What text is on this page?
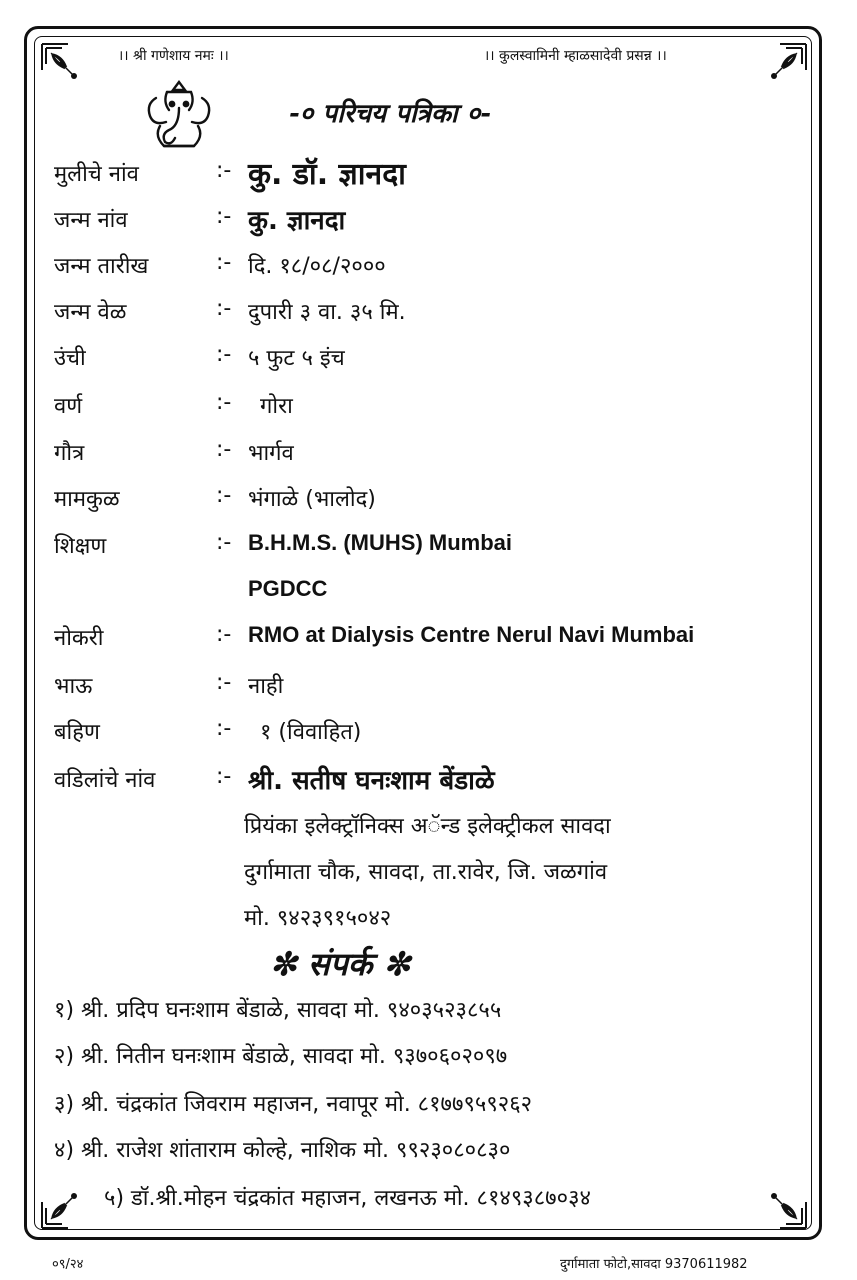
।। श्री गणेशाय नमः ।।	।। कुलस्वामिनी म्हाळसादेवी प्रसन्न ।।
-० परिचय पत्रिका ०-
मुलीचे नांव	:- कु. डॉ. ज्ञानदा
जन्म नांव	:- कु. ज्ञानदा
जन्म तारीख	:- दि. १८/०८/२०००
जन्म वेळ	:- दुपारी ३ वा. ३५ मि.
उंची	:- ५ फुट ५ इंच
वर्ण	:- गोरा
गौत्र	:- भार्गव
मामकुळ	:- भंगाळे (भालोद)
शिक्षण	:- B.H.M.S. (MUHS) Mumbai
PGDCC
नोकरी	:- RMO at Dialysis Centre Nerul Navi Mumbai
भाऊ	:- नाही
बहिण	:- १ (विवाहित)
वडिलांचे नांव	:- श्री. सतीष घनःशाम बेंडाळे
प्रियंका इलेक्ट्रॉनिक्स अॅन्ड इलेक्ट्रीकल सावदा
दुर्गामाता चौक, सावदा, ता.रावेर, जि. जळगांव
मो. ९४२३९१५०४२
✼ संपर्क ✼
१) श्री. प्रदिप घनःशाम बेंडाळे, सावदा मो. ९४०३५२३८५५
२) श्री. नितीन घनःशाम बेंडाळे, सावदा मो. ९३७०६०२०९७
३) श्री. चंद्रकांत जिवराम महाजन, नवापूर मो. ८१७७९५९२६२
४) श्री. राजेश शांताराम कोल्हे, नाशिक मो. ९९२३०८०८३०
५) डॉ.श्री.मोहन चंद्रकांत महाजन, लखनऊ मो. ८१४९३८७०३४
०९/२४	दुर्गामाता फोटो,सावदा 9370611982
